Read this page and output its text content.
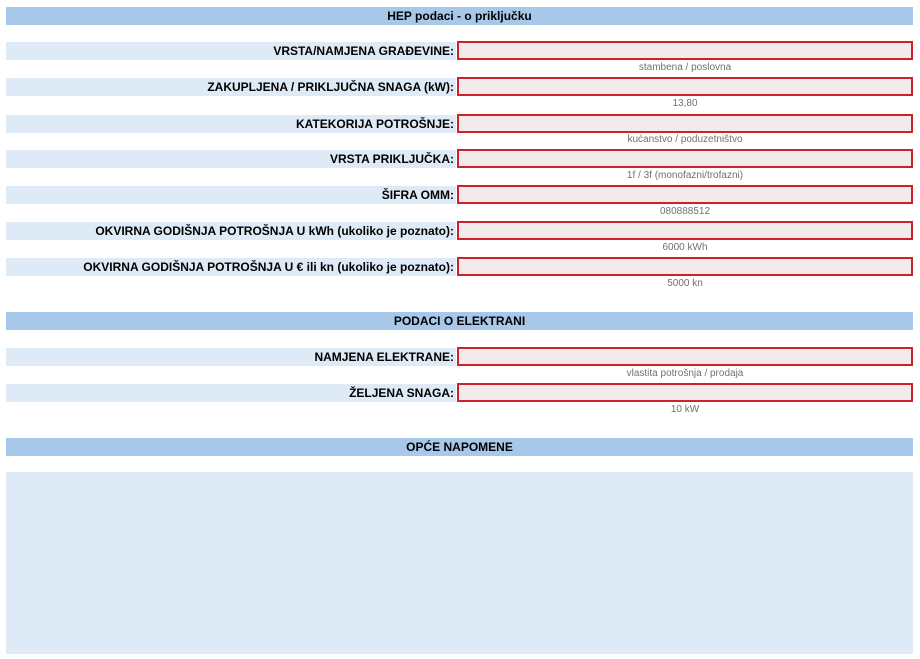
HEP podaci - o priključku
VRSTA/NAMJENA GRAĐEVINE:
stambena / poslovna
ZAKUPLJENA / PRIKLJUČNA SNAGA (kW):
13,80
KATEKORIJA POTROŠNJE:
kućanstvo / poduzetništvo
VRSTA PRIKLJUČKA:
1f / 3f (monofazni/trofazni)
ŠIFRA OMM:
080888512
OKVIRNA GODIŠNJA POTROŠNJA U kWh (ukoliko je poznato):
6000 kWh
OKVIRNA GODIŠNJA POTROŠNJA U € ili kn (ukoliko je poznato):
5000 kn
PODACI O ELEKTRANI
NAMJENA ELEKTRANE:
vlastita potrošnja / prodaja
ŽELJENA SNAGA:
10 kW
OPĆE NAPOMENE
